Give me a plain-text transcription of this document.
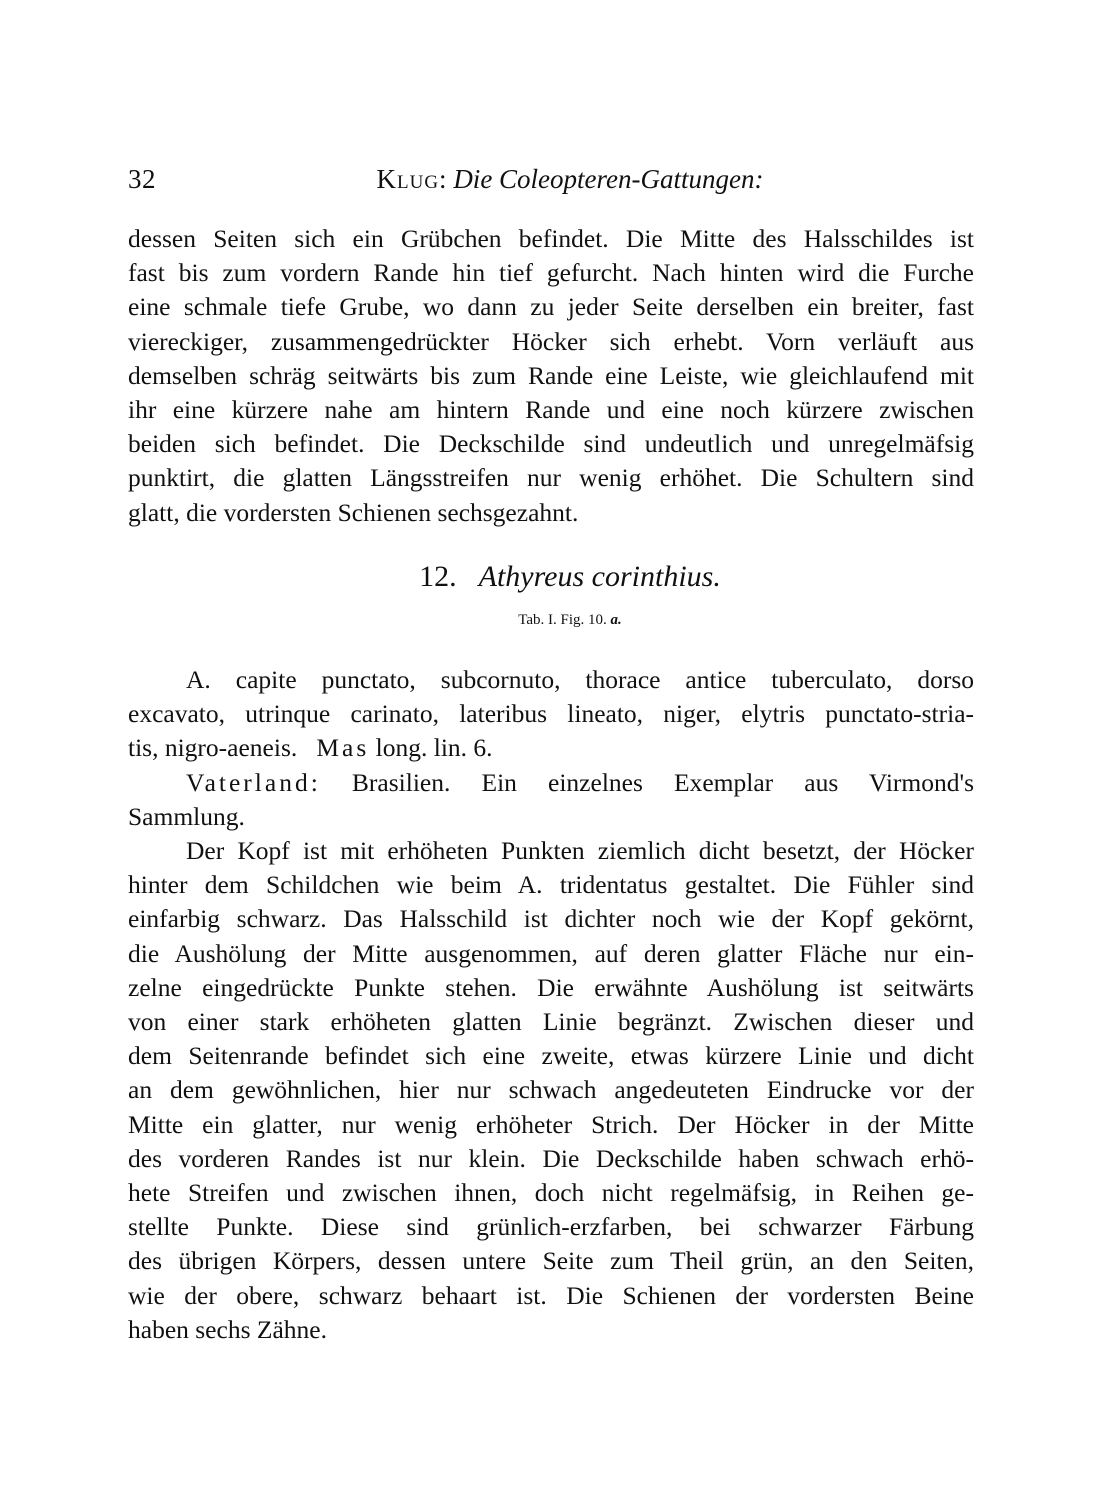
32	Klug: Die Coleopteren-Gattungen:
dessen Seiten sich ein Grübchen befindet. Die Mitte des Halsschildes ist
fast bis zum vordern Rande hin tief gefurcht. Nach hinten wird die Furche
eine schmale tiefe Grube, wo dann zu jeder Seite derselben ein breiter, fast
viereckiger, zusammengedrückter Höcker sich erhebt. Vorn verläuft aus
demselben schräg seitwärts bis zum Rande eine Leiste, wie gleichlaufend mit
ihr eine kürzere nahe am hintern Rande und eine noch kürzere zwischen
beiden sich befindet. Die Deckschilde sind undeutlich und unregelmäfsig
punktirt, die glatten Längsstreifen nur wenig erhöhet. Die Schultern sind
glatt, die vordersten Schienen sechsgezahnt.
12. Athyreus corinthius.
Tab. I. Fig. 10. a.
A. capite punctato, subcornuto, thorace antice tuberculato, dorso
excavato, utrinque carinato, lateribus lineato, niger, elytris punctato-stria-
tis, nigro-aeneis. Mas long. lin. 6.
Vaterland: Brasilien. Ein einzelnes Exemplar aus Virmond's
Sammlung.
Der Kopf ist mit erhöheten Punkten ziemlich dicht besetzt, der Höcker
hinter dem Schildchen wie beim A. tridentatus gestaltet. Die Fühler sind
einfarbig schwarz. Das Halsschild ist dichter noch wie der Kopf gekörnt,
die Aushölung der Mitte ausgenommen, auf deren glatter Fläche nur ein-
zelne eingedrückte Punkte stehen. Die erwähnte Aushölung ist seitwärts
von einer stark erhöheten glatten Linie begränzt. Zwischen dieser und
dem Seitenrande befindet sich eine zweite, etwas kürzere Linie und dicht
an dem gewöhnlichen, hier nur schwach angedeuteten Eindrucke vor der
Mitte ein glatter, nur wenig erhöheter Strich. Der Höcker in der Mitte
des vorderen Randes ist nur klein. Die Deckschilde haben schwach erhö-
hete Streifen und zwischen ihnen, doch nicht regelmäfsig, in Reihen ge-
stellte Punkte. Diese sind grünlich-erzfarben, bei schwarzer Färbung
des übrigen Körpers, dessen untere Seite zum Theil grün, an den Seiten,
wie der obere, schwarz behaart ist. Die Schienen der vordersten Beine
haben sechs Zähne.
